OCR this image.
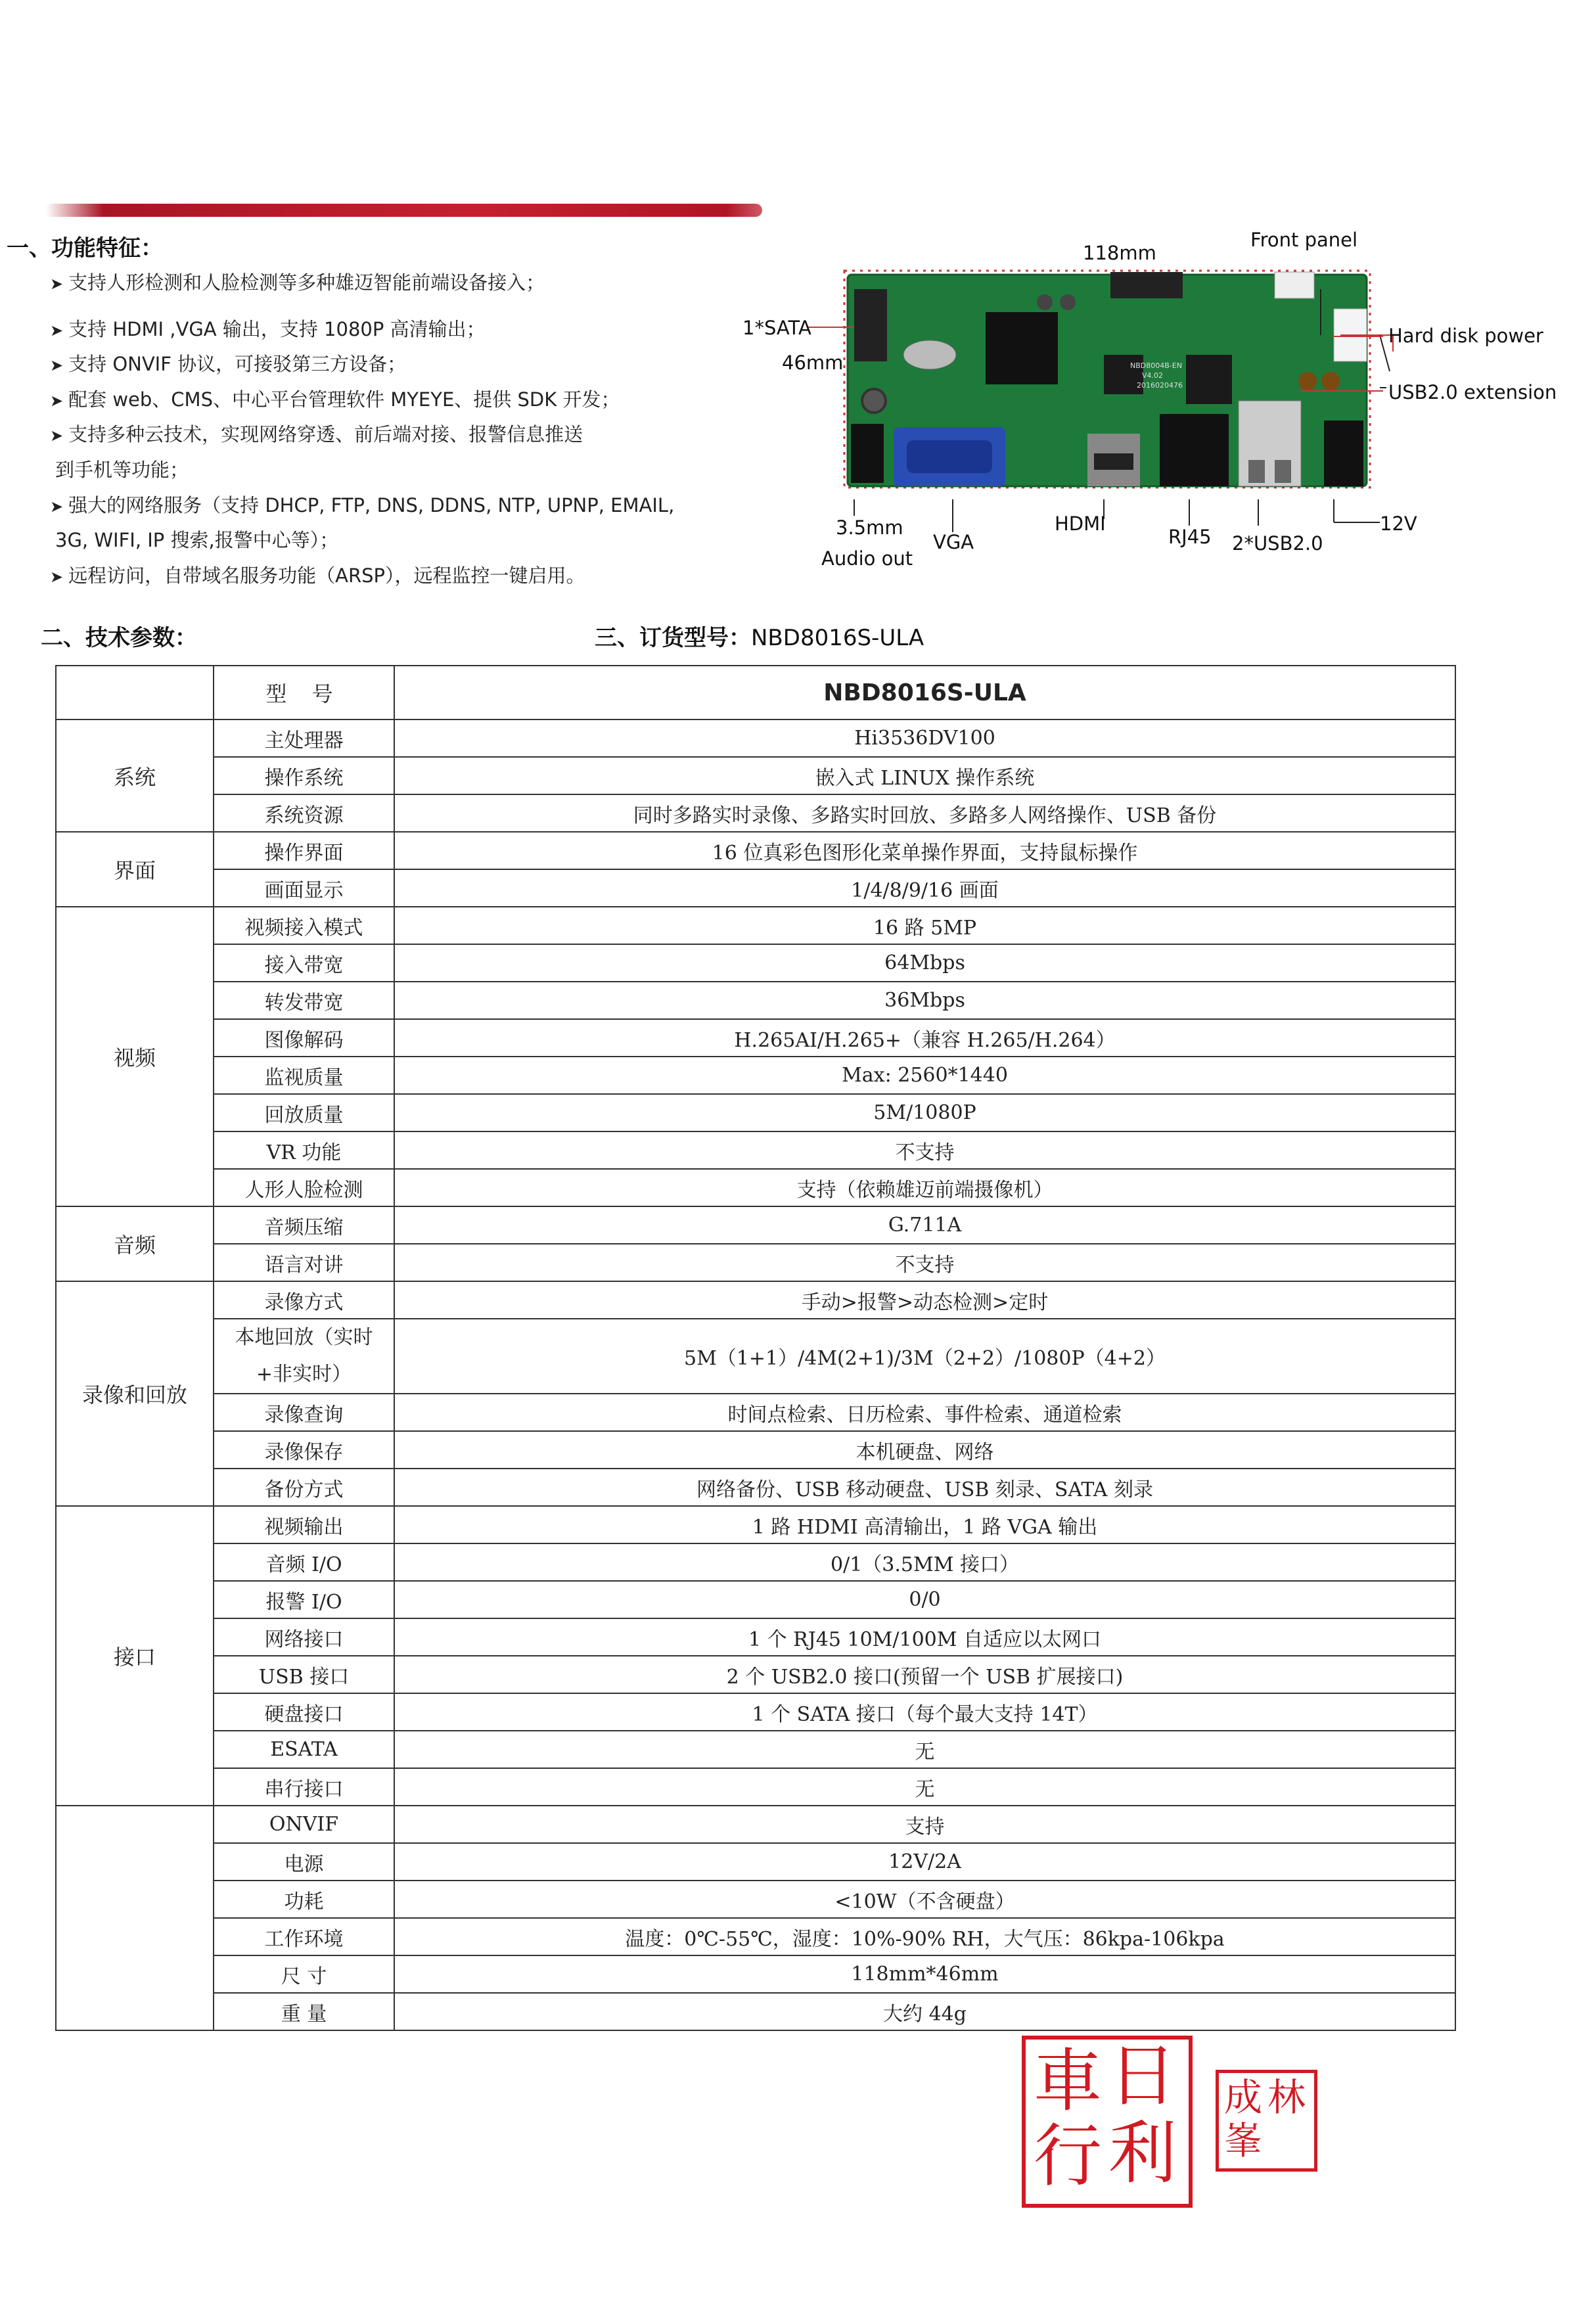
一、功能特征：
➤ 支持人形检测和人脸检测等多种雄迈智能前端设备接入；
➤ 支持 HDMI ,VGA 输出，支持 1080P 高清输出；
➤ 支持 ONVIF 协议，可接驳第三方设备；
➤ 配套 web、CMS、中心平台管理软件 MYEYE、提供 SDK 开发；
➤ 支持多种云技术，实现网络穿透、前后端对接、报警信息推送
到手机等功能；
➤ 强大的网络服务（支持 DHCP, FTP, DNS, DDNS, NTP, UPNP, EMAIL,
3G, WIFI, IP 搜索,报警中心等）；
➤ 远程访问，自带域名服务功能（ARSP），远程监控一键启用。
NBD8004B-EN
V4.02
2016020476
118mm
Front panel
1*SATA
46mm
Hard disk power
USB2.0 extension
3.5mm
Audio out
VGA
HDMI
RJ45 2*USB2.0
12V
二、技术参数：	三、订货型号：NBD8016S-ULA
	型 号	NBD8016S-ULA
系统	主处理器	Hi3536DV100
	操作系统	嵌入式 LINUX 操作系统
	系统资源	同时多路实时录像、多路实时回放、多路多人网络操作、USB 备份
界面	操作界面	16 位真彩色图形化菜单操作界面，支持鼠标操作
	画面显示	1/4/8/9/16 画面
视频	视频接入模式	16 路 5MP
	接入带宽	64Mbps
	转发带宽	36Mbps
	图像解码	H.265AI/H.265+（兼容 H.265/H.264）
	监视质量	Max: 2560*1440
	回放质量	5M/1080P
	VR 功能	不支持
	人形人脸检测	支持（依赖雄迈前端摄像机）
音频	音频压缩	G.711A
	语言对讲	不支持
录像和回放	录像方式	手动>报警>动态检测>定时
	本地回放（实时+非实时）	5M（1+1）/4M(2+1)/3M（2+2）/1080P（4+2）
	录像查询	时间点检索、日历检索、事件检索、通道检索
	录像保存	本机硬盘、网络
	备份方式	网络备份、USB 移动硬盘、USB 刻录、SATA 刻录
接口	视频输出	1 路 HDMI 高清输出，1 路 VGA 输出
	音频 I/O	0/1（3.5MM 接口）
	报警 I/O	0/0
	网络接口	1 个 RJ45 10M/100M 自适应以太网口
	USB 接口	2 个 USB2.0 接口(预留一个 USB 扩展接口)
	硬盘接口	1 个 SATA 接口（每个最大支持 14T）
	ESATA	无
	串行接口	无
	ONVIF	支持
	电源	12V/2A
	功耗	<10W（不含硬盘）
	工作环境	温度：0℃-55℃，湿度：10%-90% RH，大气压：86kpa-106kpa
	尺 寸	118mm*46mm
	重 量	大约 44g
車 日
行 利
成 林
峯
